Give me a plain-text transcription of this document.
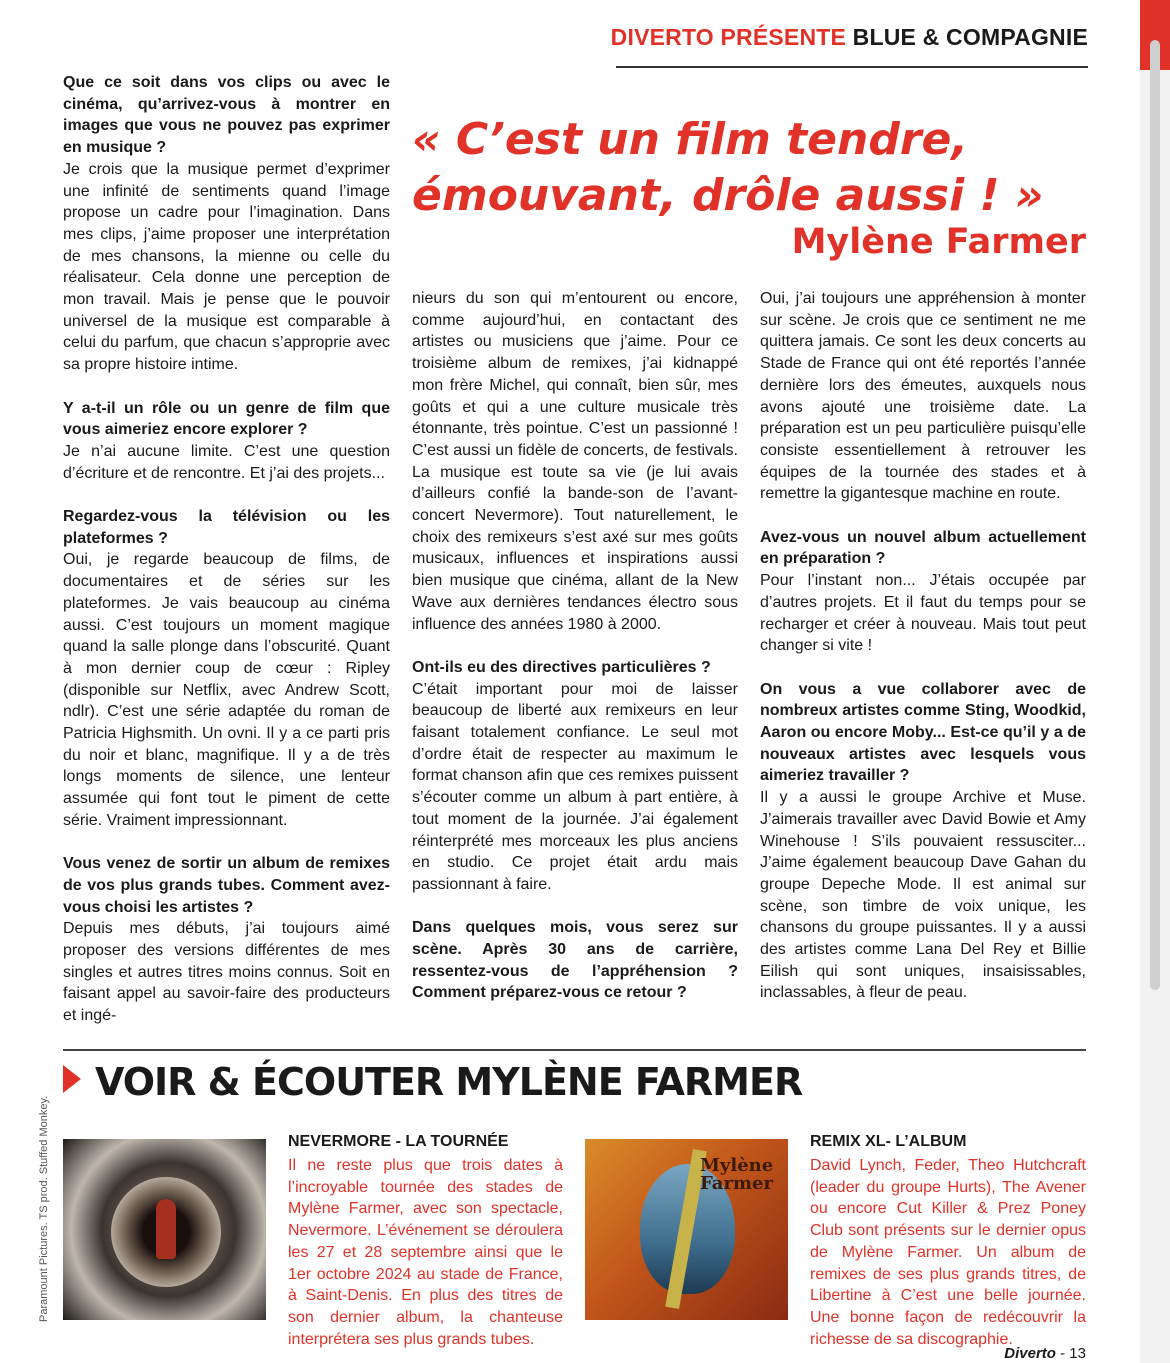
DIVERTO PRÉSENTE BLUE & COMPAGNIE
« C’est un film tendre, émouvant, drôle aussi ! »
Mylène Farmer

Que ce soit dans vos clips ou avec le cinéma, qu’arrivez-vous à montrer en images que vous ne pouvez pas exprimer en musique ?
Je crois que la musique permet d’exprimer une infinité de sentiments quand l’image propose un cadre pour l’imagination. Dans mes clips, j’aime proposer une interprétation de mes chansons, la mienne ou celle du réalisateur. Cela donne une perception de mon travail. Mais je pense que le pouvoir universel de la musique est comparable à celui du parfum, que chacun s’approprie avec sa propre histoire intime.

Y a-t-il un rôle ou un genre de film que vous aimeriez encore explorer ?
Je n’ai aucune limite. C’est une question d’écriture et de rencontre. Et j’ai des projets...

Regardez-vous la télévision ou les plateformes ?
Oui, je regarde beaucoup de films, de documentaires et de séries sur les plateformes. Je vais beaucoup au cinéma aussi. C’est toujours un moment magique quand la salle plonge dans l’obscurité. Quant à mon dernier coup de cœur : Ripley (disponible sur Netflix, avec Andrew Scott, ndlr). C’est une série adaptée du roman de Patricia Highsmith. Un ovni. Il y a ce parti pris du noir et blanc, magnifique. Il y a de très longs moments de silence, une lenteur assumée qui font tout le piment de cette série. Vraiment impressionnant.

Vous venez de sortir un album de remixes de vos plus grands tubes. Comment avez-vous choisi les artistes ?
Depuis mes débuts, j’ai toujours aimé proposer des versions différentes de mes singles et autres titres moins connus. Soit en faisant appel au savoir-faire des producteurs et ingé-

nieurs du son qui m’entourent ou encore, comme aujourd’hui, en contactant des artistes ou musiciens que j’aime. Pour ce troisième album de remixes, j’ai kidnappé mon frère Michel, qui connaît, bien sûr, mes goûts et qui a une culture musicale très étonnante, très pointue. C’est un passionné ! C’est aussi un fidèle de concerts, de festivals. La musique est toute sa vie (je lui avais d’ailleurs confié la bande-son de l’avant-concert Nevermore). Tout naturellement, le choix des remixeurs s’est axé sur mes goûts musicaux, influences et inspirations aussi bien musique que cinéma, allant de la New Wave aux dernières tendances électro sous influence des années 1980 à 2000.

Ont-ils eu des directives particulières ?
C’était important pour moi de laisser beaucoup de liberté aux remixeurs en leur faisant totalement confiance. Le seul mot d’ordre était de respecter au maximum le format chanson afin que ces remixes puissent s’écouter comme un album à part entière, à tout moment de la journée. J’ai également réinterprété mes morceaux les plus anciens en studio. Ce projet était ardu mais passionnant à faire.

Dans quelques mois, vous serez sur scène. Après 30 ans de carrière, ressentez-vous de l’appréhension ? Comment préparez-vous ce retour ?

Oui, j’ai toujours une appréhension à monter sur scène. Je crois que ce sentiment ne me quittera jamais. Ce sont les deux concerts au Stade de France qui ont été reportés l’année dernière lors des émeutes, auxquels nous avons ajouté une troisième date. La préparation est un peu particulière puisqu’elle consiste essentiellement à retrouver les équipes de la tournée des stades et à remettre la gigantesque machine en route.

Avez-vous un nouvel album actuellement en préparation ?
Pour l’instant non... J’étais occupée par d’autres projets. Et il faut du temps pour se recharger et créer à nouveau. Mais tout peut changer si vite !

On vous a vue collaborer avec de nombreux artistes comme Sting, Woodkid, Aaron ou encore Moby... Est-ce qu’il y a de nouveaux artistes avec lesquels vous aimeriez travailler ?
Il y a aussi le groupe Archive et Muse. J’aimerais travailler avec David Bowie et Amy Winehouse ! S’ils pouvaient ressusciter... J’aime également beaucoup Dave Gahan du groupe Depeche Mode. Il est animal sur scène, son timbre de voix unique, les chansons du groupe puissantes. Il y a aussi des artistes comme Lana Del Rey et Billie Eilish qui sont uniques, insaisissables, inclassables, à fleur de peau.

VOIR & ÉCOUTER MYLÈNE FARMER
Paramount Pictures. TS prod. Stuffed Monkey.	NEVERMORE - LA TOURNÉE
Il ne reste plus que trois dates à l’incroyable tournée des stades de Mylène Farmer, avec son spectacle, Nevermore. L’événement se déroulera les 27 et 28 septembre ainsi que le 1er octobre 2024 au stade de France, à Saint-Denis. En plus des titres de son dernier album, la chanteuse interprétera ses plus grands tubes.
Mylène Farmer
REMIX XL- L’ALBUM
David Lynch, Feder, Theo Hutchcraft (leader du groupe Hurts), The Avener ou encore Cut Killer & Prez Poney Club sont présents sur le dernier opus de Mylène Farmer. Un album de remixes de ses plus grands titres, de Libertine à C’est une belle journée. Une bonne façon de redécouvrir la richesse de sa discographie.
Diverto - 13
